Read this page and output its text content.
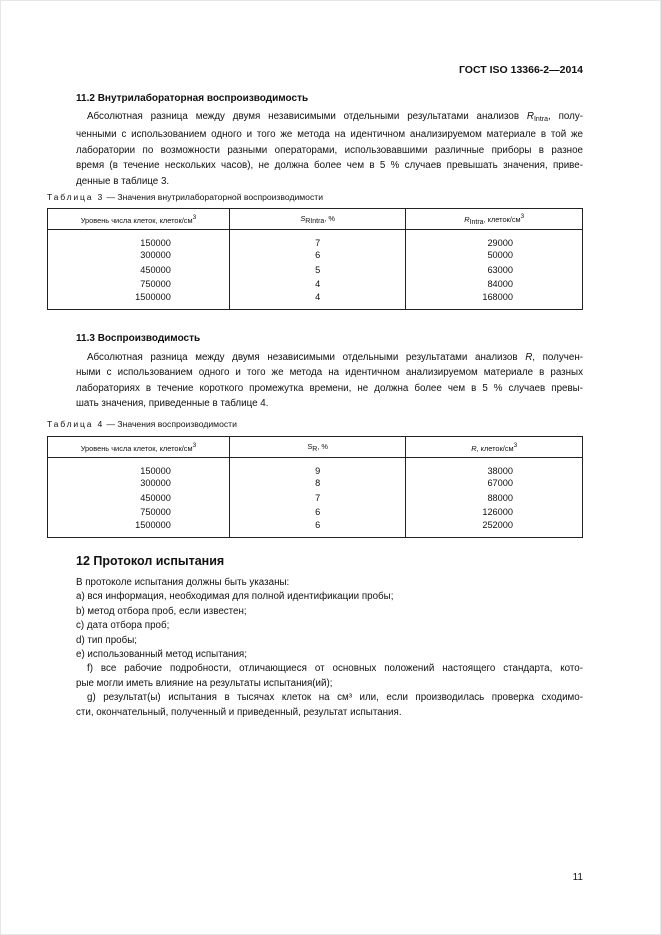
ГОСТ ISO 13366-2—2014
11.2 Внутрилабораторная воспроизводимость
Абсолютная разница между двумя независимыми отдельными результатами анализов $R_{Intra}$, полу-
ченными с использованием одного и того же метода на идентичном анализируемом материале в той же
лаборатории по возможности разными операторами, использовавшими различные приборы в разное
время (в течение нескольких часов), не должна более чем в 5 % случаев превышать значения, приве-
денные в таблице 3.
Таблица 3 — Значения внутрилабораторной воспроизводимости
Уровень числа клеток, клеток/см3	SRIntra, %	RIntra, клеток/см3
150000	7	29000
300000	6	50000
450000	5	63000
750000	4	84000
1500000	4	168000
11.3 Воспроизводимость
Абсолютная разница между двумя независимыми отдельными результатами анализов R, получен-
ными с использованием одного и того же метода на идентичном анализируемом материале в разных
лабораториях в течение короткого промежутка времени, не должна более чем в 5 % случаев превы-
шать значения, приведенные в таблице 4.
Таблица 4 — Значения воспроизводимости
Уровень числа клеток, клеток/см3	SR, %	R, клеток/см3
150000	9	38000
300000	8	67000
450000	7	88000
750000	6	126000
1500000	6	252000
12 Протокол испытания
В протоколе испытания должны быть указаны:
a) вся информация, необходимая для полной идентификации пробы;
b) метод отбора проб, если известен;
c) дата отбора проб;
d) тип пробы;
e) использованный метод испытания;
f) все рабочие подробности, отличающиеся от основных положений настоящего стандарта, кото-
рые могли иметь влияние на результаты испытания(ий);
g) результат(ы) испытания в тысячах клеток на см³ или, если производилась проверка сходимо-
сти, окончательный, полученный и приведенный, результат испытания.
11
